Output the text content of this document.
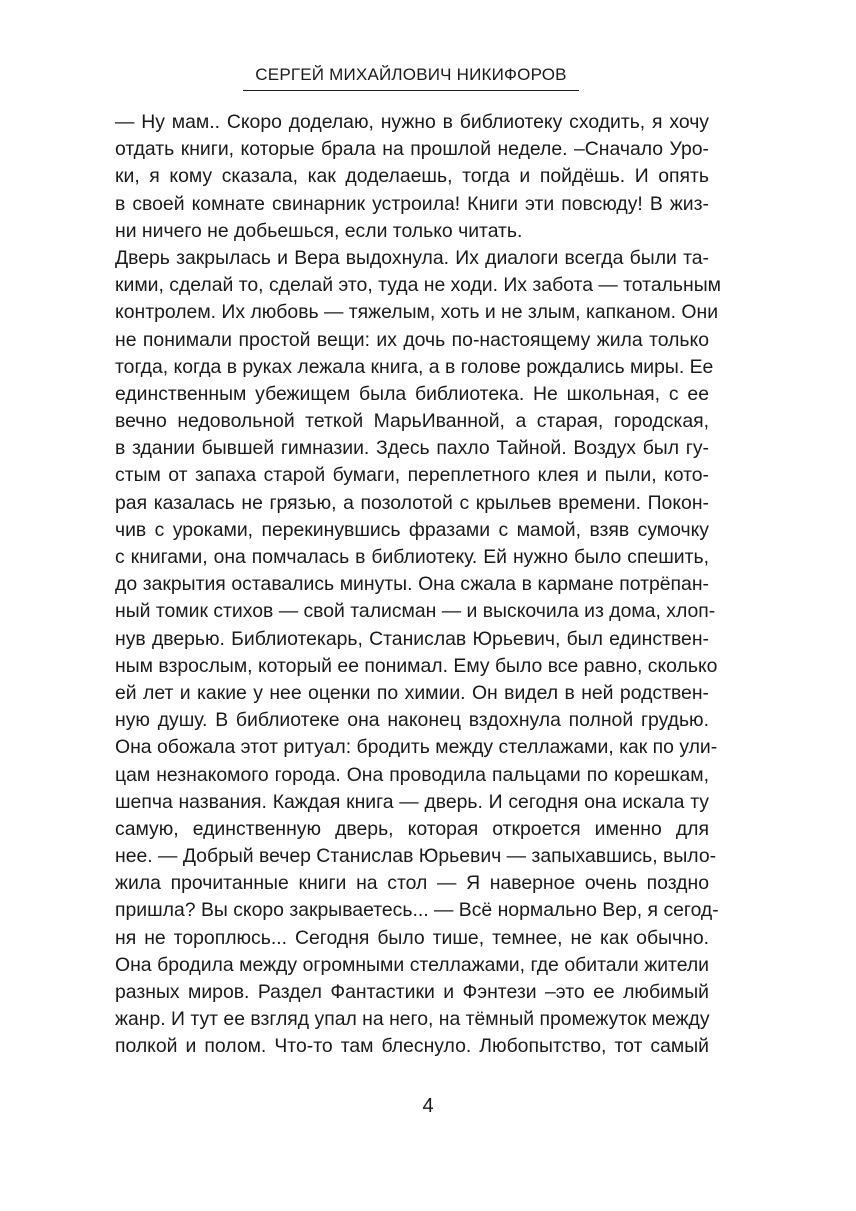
СЕРГЕЙ МИХАЙЛОВИЧ НИКИФОРОВ
— Ну мам.. Скоро доделаю, нужно в библиотеку сходить, я хочу
отдать книги, которые брала на прошлой неделе. –Сначало Уро-
ки, я кому сказала, как доделаешь, тогда и пойдёшь. И опять
в своей комнате свинарник устроила! Книги эти повсюду! В жиз-
ни ничего не добьешься, если только читать.
Дверь закрылась и Вера выдохнула. Их диалоги всегда были та-
кими, сделай то, сделай это, туда не ходи. Их забота — тотальным
контролем. Их любовь — тяжелым, хоть и не злым, капканом. Они
не понимали простой вещи: их дочь по-настоящему жила только
тогда, когда в руках лежала книга, а в голове рождались миры. Ее
единственным убежищем была библиотека. Не школьная, с ее
вечно недовольной теткой МарьИванной, а старая, городская,
в здании бывшей гимназии. Здесь пахло Тайной. Воздух был гу-
стым от запаха старой бумаги, переплетного клея и пыли, кото-
рая казалась не грязью, а позолотой с крыльев времени. Покон-
чив с уроками, перекинувшись фразами с мамой, взяв сумочку
с книгами, она помчалась в библиотеку. Ей нужно было спешить,
до закрытия оставались минуты. Она сжала в кармане потрёпан-
ный томик стихов — свой талисман — и выскочила из дома, хлоп-
нув дверью. Библиотекарь, Станислав Юрьевич, был единствен-
ным взрослым, который ее понимал. Ему было все равно, сколько
ей лет и какие у нее оценки по химии. Он видел в ней родствен-
ную душу. В библиотеке она наконец вздохнула полной грудью.
Она обожала этот ритуал: бродить между стеллажами, как по ули-
цам незнакомого города. Она проводила пальцами по корешкам,
шепча названия. Каждая книга — дверь. И сегодня она искала ту
самую, единственную дверь, которая откроется именно для
нее. — Добрый вечер Станислав Юрьевич — запыхавшись, выло-
жила прочитанные книги на стол — Я наверное очень поздно
пришла? Вы скоро закрываетесь... — Всё нормально Вер, я сегод-
ня не тороплюсь... Сегодня было тише, темнее, не как обычно.
Она бродила между огромными стеллажами, где обитали жители
разных миров. Раздел Фантастики и Фэнтези –это ее любимый
жанр. И тут ее взгляд упал на него, на тёмный промежуток между
полкой и полом. Что-то там блеснуло. Любопытство, тот самый
4
